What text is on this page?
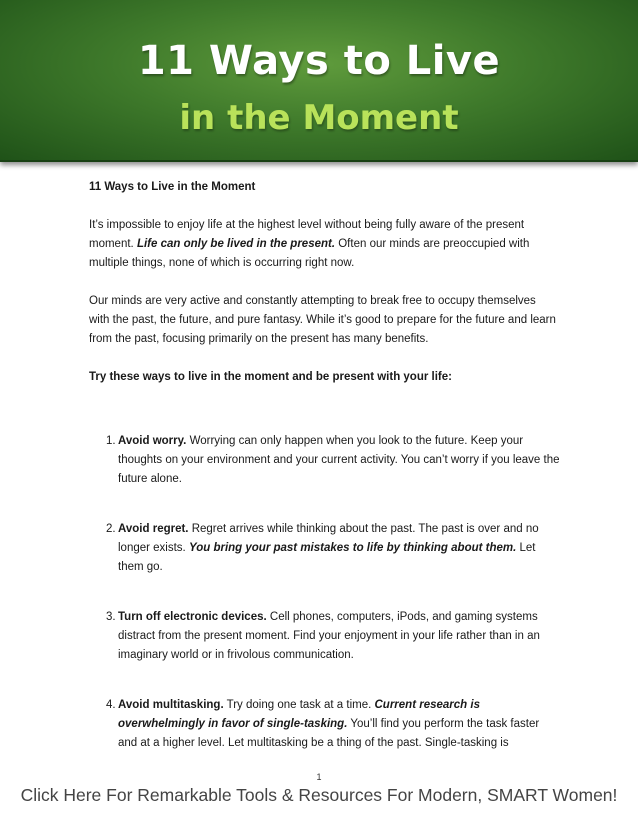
11 Ways to Live
in the Moment

11 Ways to Live in the Moment

It’s impossible to enjoy life at the highest level without being fully aware of the present moment. Life can only be lived in the present. Often our minds are preoccupied with multiple things, none of which is occurring right now.

Our minds are very active and constantly attempting to break free to occupy themselves with the past, the future, and pure fantasy. While it’s good to prepare for the future and learn from the past, focusing primarily on the present has many benefits.

Try these ways to live in the moment and be present with your life:

1. Avoid worry. Worrying can only happen when you look to the future. Keep your thoughts on your environment and your current activity. You can’t worry if you leave the future alone.
2. Avoid regret. Regret arrives while thinking about the past. The past is over and no longer exists. You bring your past mistakes to life by thinking about them. Let them go.
3. Turn off electronic devices. Cell phones, computers, iPods, and gaming systems distract from the present moment. Find your enjoyment in your life rather than in an imaginary world or in frivolous communication.
4. Avoid multitasking. Try doing one task at a time. Current research is overwhelmingly in favor of single-tasking. You’ll find you perform the task faster and at a higher level. Let multitasking be a thing of the past. Single-tasking is
1
Click Here For Remarkable Tools & Resources For Modern, SMART Women!
